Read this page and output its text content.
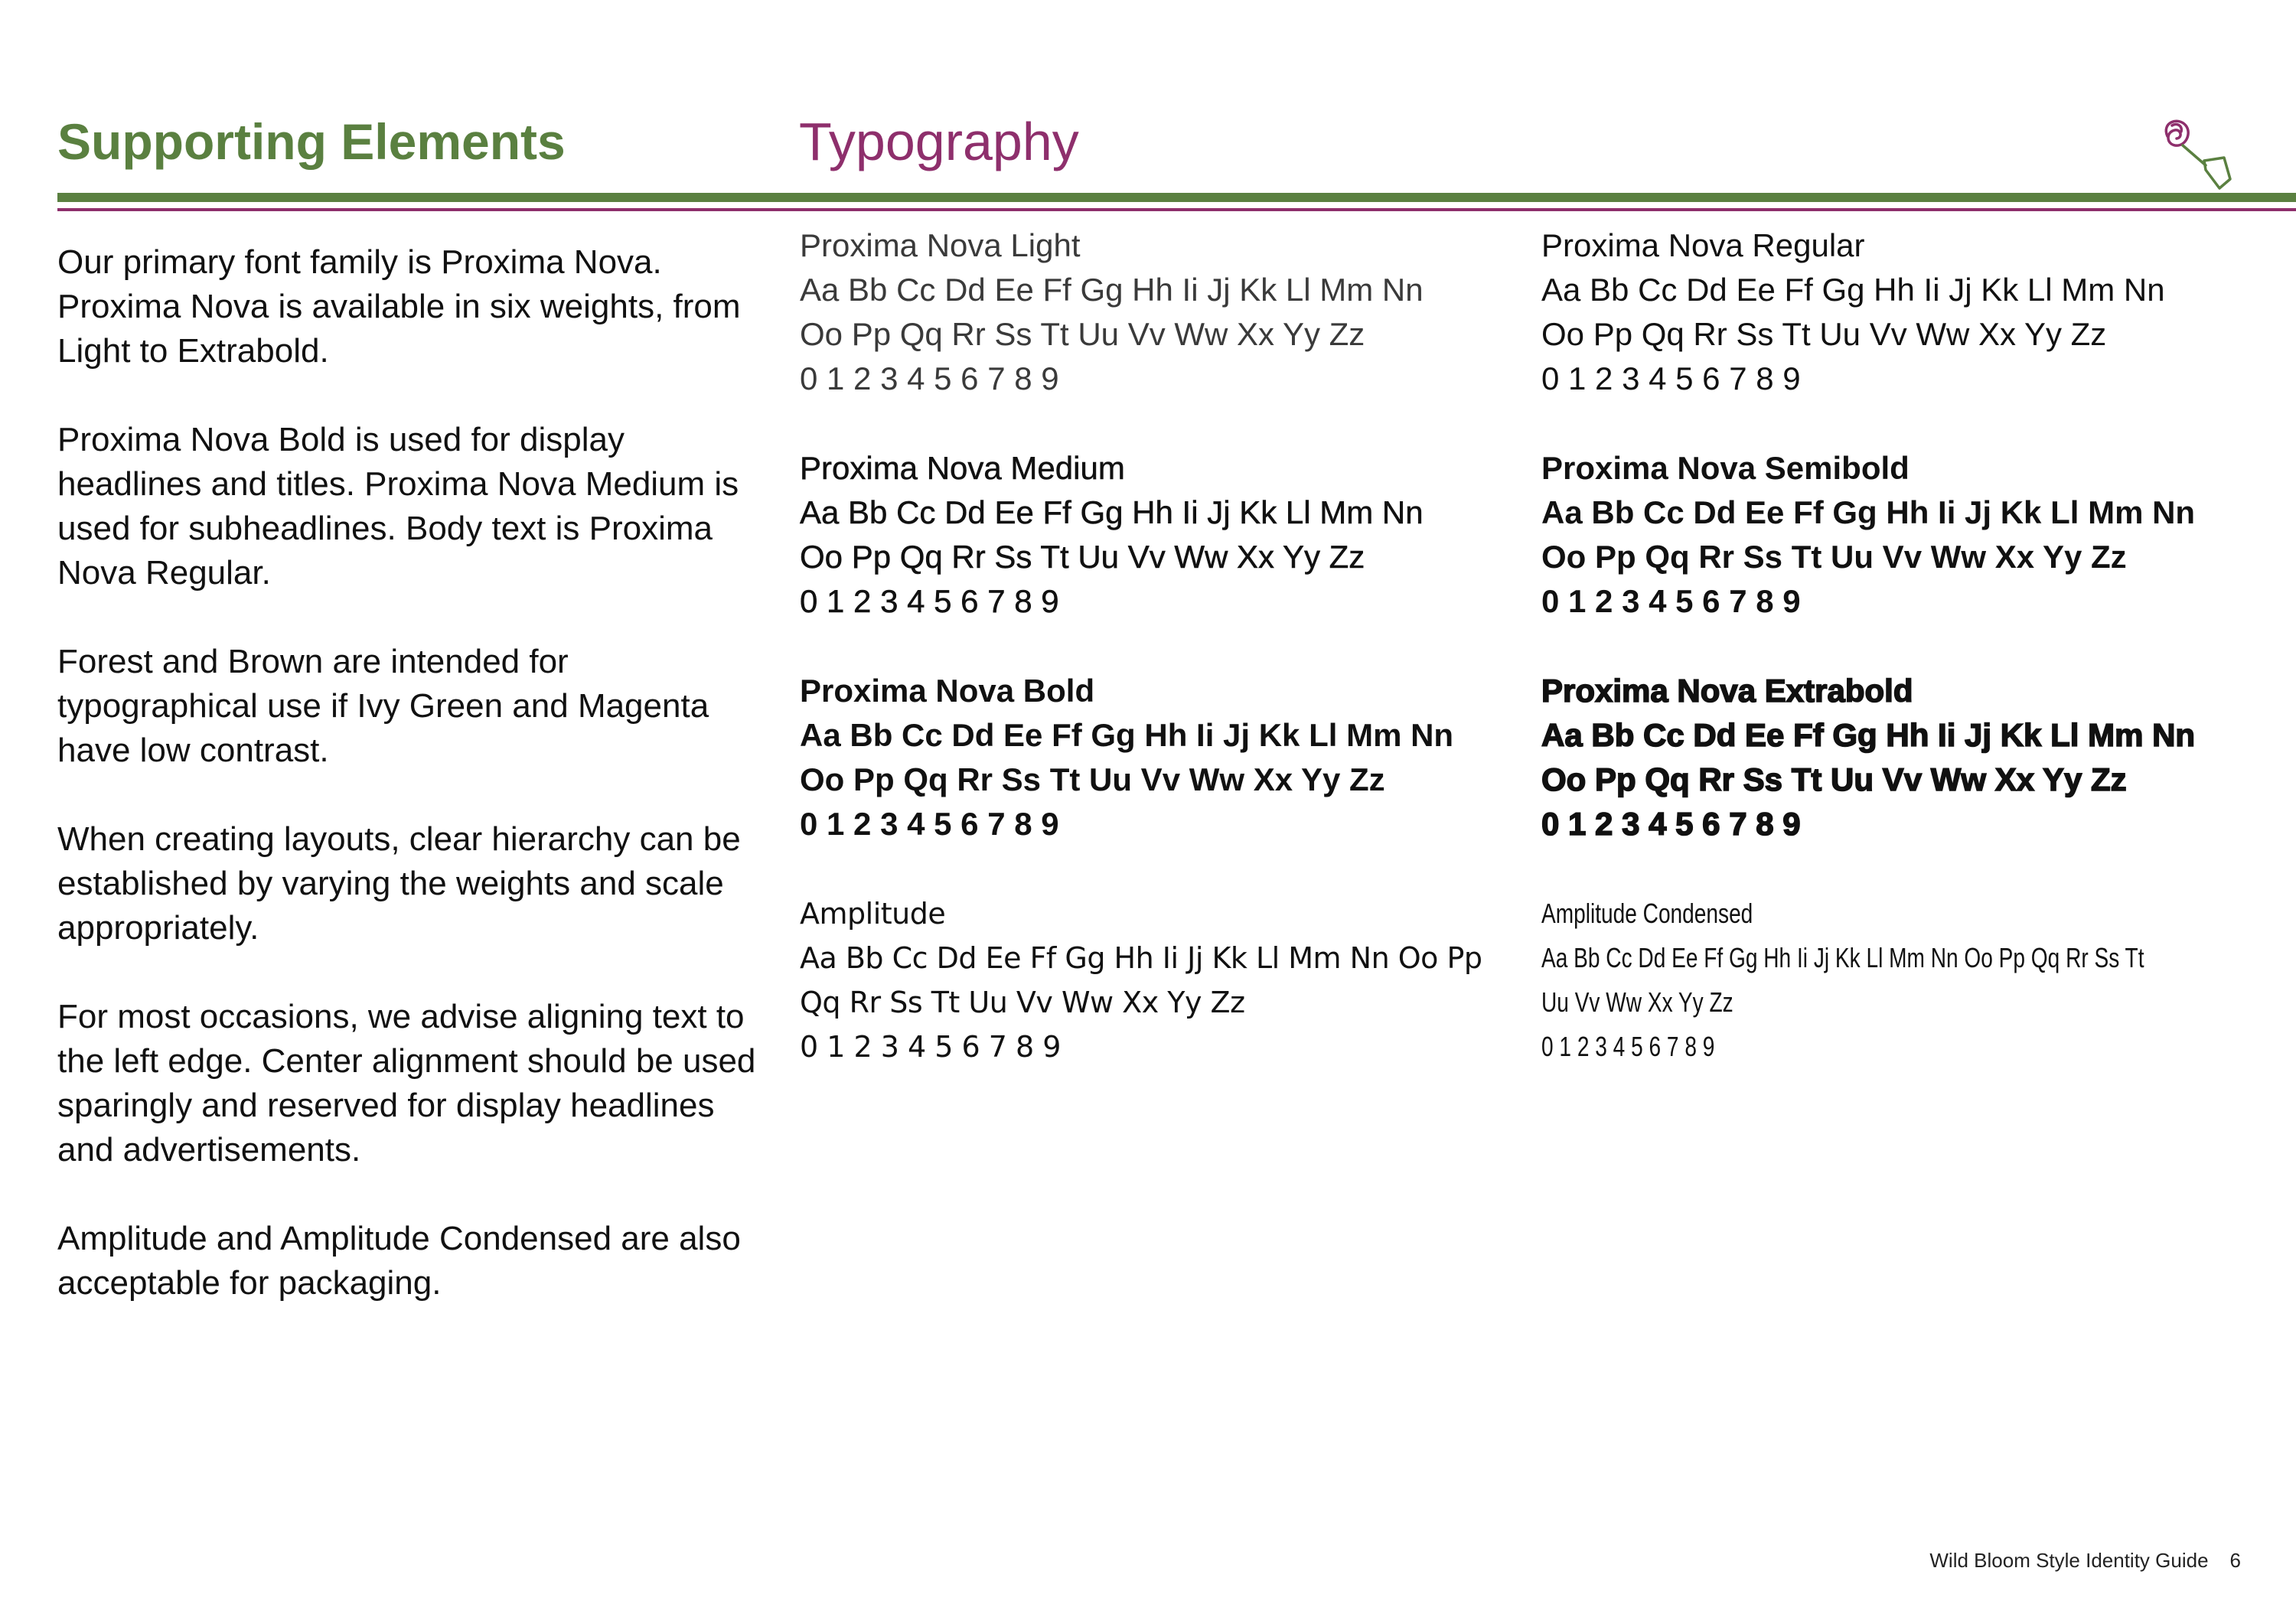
Supporting Elements	Typography

Our primary font family is Proxima Nova. Proxima Nova is available in six weights, from Light to Extrabold.

Proxima Nova Bold is used for display headlines and titles. Proxima Nova Medium is used for subheadlines. Body text is Proxima Nova Regular.

Forest and Brown are intended for typographical use if Ivy Green and Magenta have low contrast.

When creating layouts, clear hierarchy can be established by varying the weights and scale appropriately.

For most occasions, we advise aligning text to the left edge. Center alignment should be used sparingly and reserved for display headlines and advertisements.

Amplitude and Amplitude Condensed are also acceptable for packaging.

Proxima Nova Light
Aa Bb Cc Dd Ee Ff Gg Hh Ii Jj Kk Ll Mm Nn
Oo Pp Qq Rr Ss Tt Uu Vv Ww Xx Yy Zz
0 1 2 3 4 5 6 7 8 9
Proxima Nova Regular
Aa Bb Cc Dd Ee Ff Gg Hh Ii Jj Kk Ll Mm Nn
Oo Pp Qq Rr Ss Tt Uu Vv Ww Xx Yy Zz
0 1 2 3 4 5 6 7 8 9
Proxima Nova Medium
Aa Bb Cc Dd Ee Ff Gg Hh Ii Jj Kk Ll Mm Nn
Oo Pp Qq Rr Ss Tt Uu Vv Ww Xx Yy Zz
0 1 2 3 4 5 6 7 8 9
Proxima Nova Semibold
Aa Bb Cc Dd Ee Ff Gg Hh Ii Jj Kk Ll Mm Nn
Oo Pp Qq Rr Ss Tt Uu Vv Ww Xx Yy Zz
0 1 2 3 4 5 6 7 8 9
Proxima Nova Bold
Aa Bb Cc Dd Ee Ff Gg Hh Ii Jj Kk Ll Mm Nn
Oo Pp Qq Rr Ss Tt Uu Vv Ww Xx Yy Zz
0 1 2 3 4 5 6 7 8 9
Proxima Nova Extrabold
Aa Bb Cc Dd Ee Ff Gg Hh Ii Jj Kk Ll Mm Nn
Oo Pp Qq Rr Ss Tt Uu Vv Ww Xx Yy Zz
0 1 2 3 4 5 6 7 8 9
Amplitude
Aa Bb Cc Dd Ee Ff Gg Hh Ii Jj Kk Ll Mm Nn Oo Pp
Qq Rr Ss Tt Uu Vv Ww Xx Yy Zz
0 1 2 3 4 5 6 7 8 9
Amplitude Condensed
Aa Bb Cc Dd Ee Ff Gg Hh Ii Jj Kk Ll Mm Nn Oo Pp Qq Rr Ss Tt
Uu Vv Ww Xx Yy Zz
0 1 2 3 4 5 6 7 8 9
Wild Bloom Style Identity Guide 6
